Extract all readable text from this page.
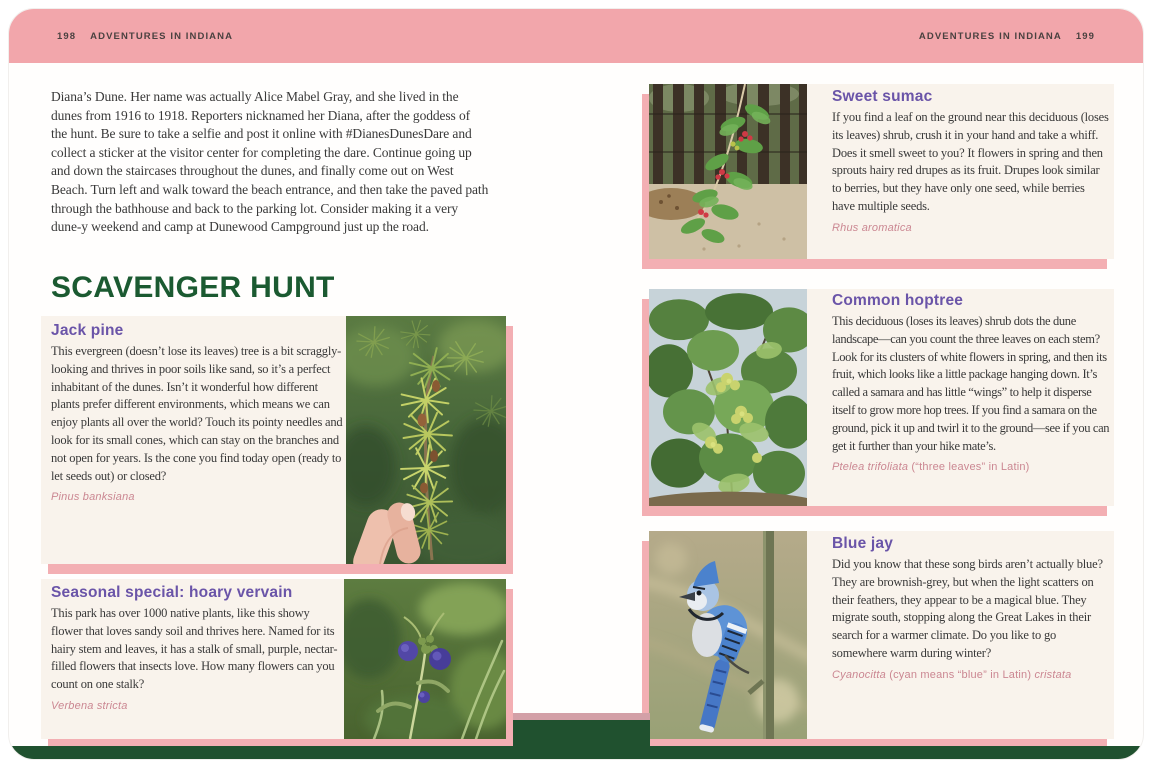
198 ADVENTURES IN INDIANA	ADVENTURES IN INDIANA 199
Diana’s Dune. Her name was actually Alice Mabel Gray, and she lived in the dunes from 1916 to 1918. Reporters nicknamed her Diana, after the goddess of the hunt. Be sure to take a selfie and post it online with #DianesDunesDare and collect a sticker at the visitor center for completing the dare. Continue going up and down the staircases throughout the dunes, and finally come out on West Beach. Turn left and walk toward the beach entrance, and then take the paved path through the bathhouse and back to the parking lot. Consider making it a very dune-y weekend and camp at Dunewood Campground just up the road.
SCAVENGER HUNT
Jack pine

This evergreen (doesn’t lose its leaves) tree is a bit scraggly-looking and thrives in poor soils like sand, so it’s a perfect inhabitant of the dunes. Isn’t it wonderful how different plants prefer different environments, which means we can enjoy plants all over the world? Touch its pointy needles and look for its small cones, which can stay on the branches and not open for years. Is the cone you find today open (ready to let seeds out) or closed?

Pinus banksiana

Seasonal special: hoary vervain

This park has over 1000 native plants, like this showy flower that loves sandy soil and thrives here. Named for its hairy stem and leaves, it has a stalk of small, purple, nectar-filled flowers that insects love. How many flowers can you count on one stalk?

Verbena stricta

Sweet sumac

If you find a leaf on the ground near this deciduous (loses its leaves) shrub, crush it in your hand and take a whiff. Does it smell sweet to you? It flowers in spring and then sprouts hairy red drupes as its fruit. Drupes look similar to berries, but they have only one seed, while berries have multiple seeds.

Rhus aromatica

Common hoptree

This deciduous (loses its leaves) shrub dots the dune landscape—can you count the three leaves on each stem? Look for its clusters of white flowers in spring, and then its fruit, which looks like a little package hanging down. It’s called a samara and has little “wings” to help it disperse itself to grow more hop trees. If you find a samara on the ground, pick it up and twirl it to the ground—see if you can get it further than your hike mate’s.

Ptelea trifoliata (“three leaves” in Latin)

Blue jay

Did you know that these song birds aren’t actually blue? They are brownish-grey, but when the light scatters on their feathers, they appear to be a magical blue. They migrate south, stopping along the Great Lakes in their search for a warmer climate. Do you like to go somewhere warm during winter?

Cyanocitta (cyan means “blue” in Latin) cristata
